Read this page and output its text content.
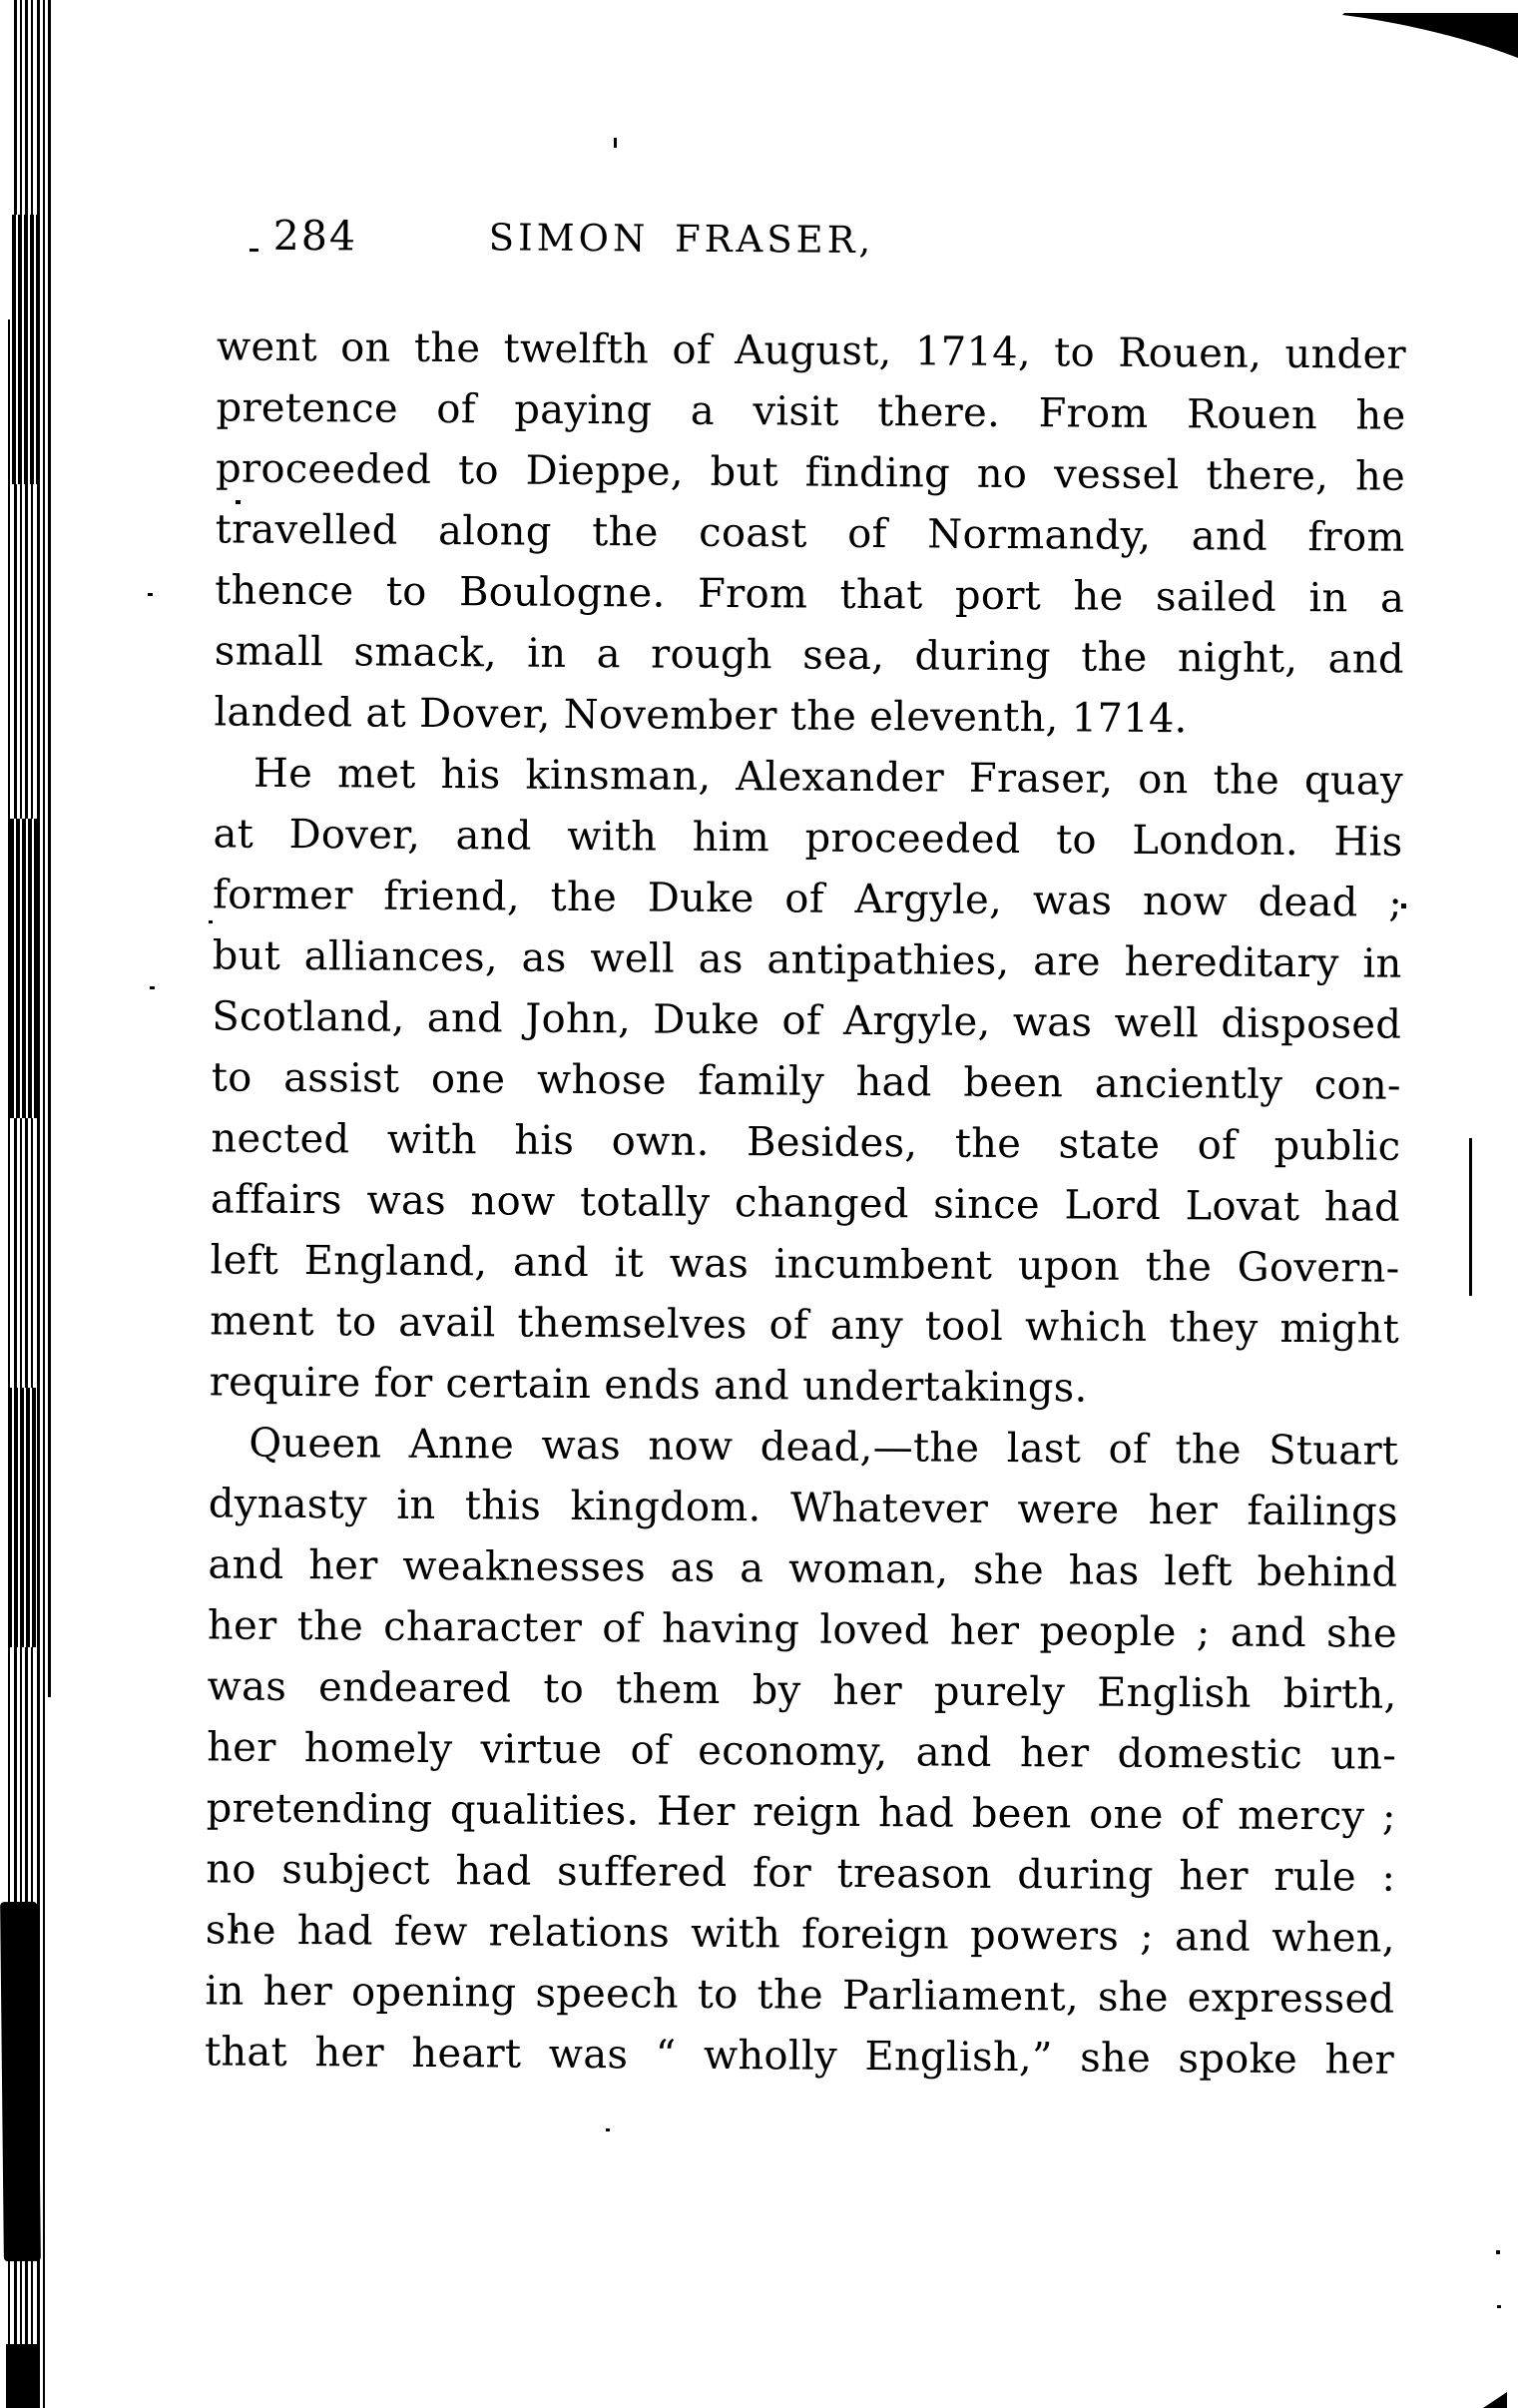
284	SIMON FRASER,
went on the twelfth of August, 1714, to Rouen, under
pretence of paying a visit there. From Rouen he
proceeded to Dieppe, but finding no vessel there, he
travelled along the coast of Normandy, and from
thence to Boulogne. From that port he sailed in a
small smack, in a rough sea, during the night, and
landed at Dover, November the eleventh, 1714.
He met his kinsman, Alexander Fraser, on the quay
at Dover, and with him proceeded to London. His
former friend, the Duke of Argyle, was now dead ;
but alliances, as well as antipathies, are hereditary in
Scotland, and John, Duke of Argyle, was well disposed
to assist one whose family had been anciently con-
nected with his own. Besides, the state of public
affairs was now totally changed since Lord Lovat had
left England, and it was incumbent upon the Govern-
ment to avail themselves of any tool which they might
require for certain ends and undertakings.
Queen Anne was now dead,—the last of the Stuart
dynasty in this kingdom. Whatever were her failings
and her weaknesses as a woman, she has left behind
her the character of having loved her people ; and she
was endeared to them by her purely English birth,
her homely virtue of economy, and her domestic un-
pretending qualities. Her reign had been one of mercy ;
no subject had suffered for treason during her rule :
she had few relations with foreign powers ; and when,
in her opening speech to the Parliament, she expressed
that her heart was “ wholly English,” she spoke her
